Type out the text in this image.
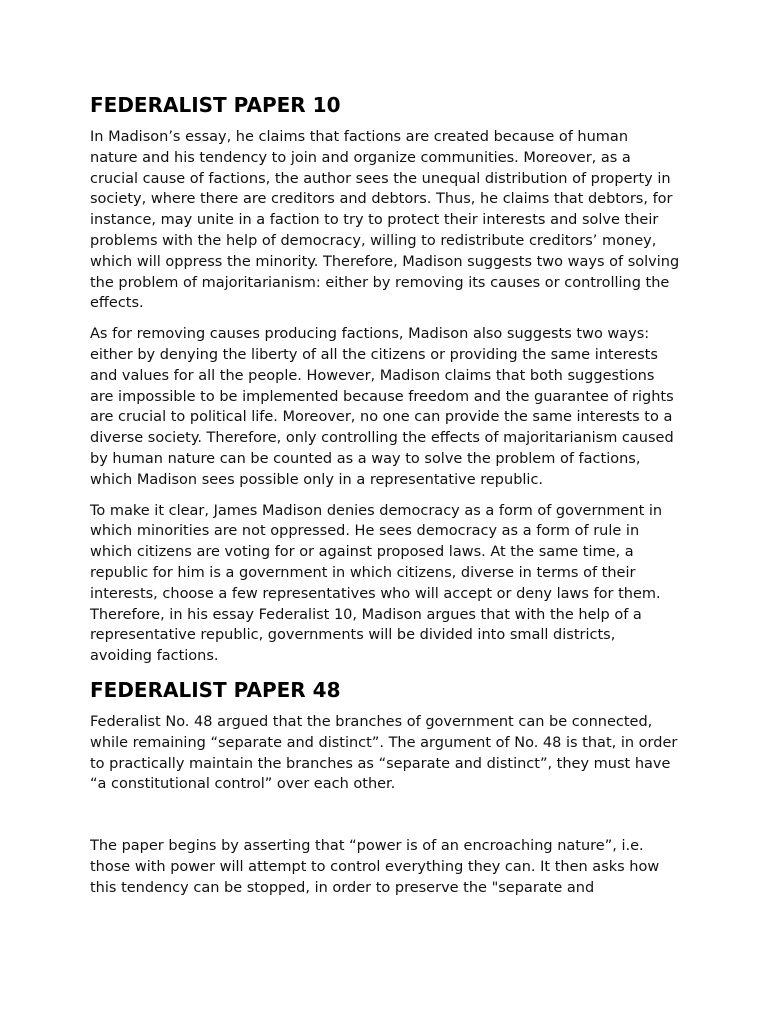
FEDERALIST PAPER 10

In Madison’s essay, he claims that factions are created because of human nature and his tendency to join and organize communities. Moreover, as a crucial cause of factions, the author sees the unequal distribution of property in society, where there are creditors and debtors. Thus, he claims that debtors, for instance, may unite in a faction to try to protect their interests and solve their problems with the help of democracy, willing to redistribute creditors’ money, which will oppress the minority. Therefore, Madison suggests two ways of solving the problem of majoritarianism: either by removing its causes or controlling the effects.

As for removing causes producing factions, Madison also suggests two ways: either by denying the liberty of all the citizens or providing the same interests and values for all the people. However, Madison claims that both suggestions are impossible to be implemented because freedom and the guarantee of rights are crucial to political life. Moreover, no one can provide the same interests to a diverse society. Therefore, only controlling the effects of majoritarianism caused by human nature can be counted as a way to solve the problem of factions, which Madison sees possible only in a representative republic.

To make it clear, James Madison denies democracy as a form of government in which minorities are not oppressed. He sees democracy as a form of rule in which citizens are voting for or against proposed laws. At the same time, a republic for him is a government in which citizens, diverse in terms of their interests, choose a few representatives who will accept or deny laws for them. Therefore, in his essay Federalist 10, Madison argues that with the help of a representative republic, governments will be divided into small districts, avoiding factions.

FEDERALIST PAPER 48

Federalist No. 48 argued that the branches of government can be connected, while remaining “separate and distinct”. The argument of No. 48 is that, in order to practically maintain the branches as “separate and distinct”, they must have “a constitutional control” over each other.

The paper begins by asserting that “power is of an encroaching nature”, i.e. those with power will attempt to control everything they can. It then asks how this tendency can be stopped, in order to preserve the "separate and
